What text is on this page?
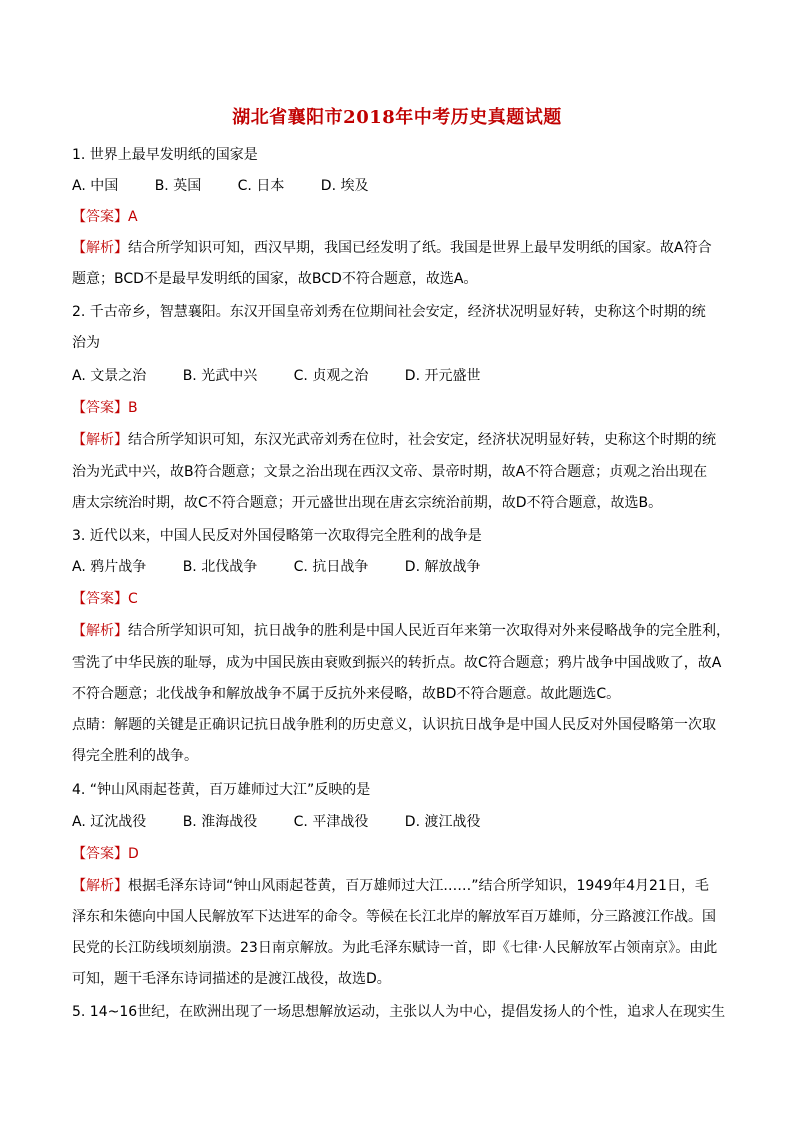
湖北省襄阳市2018年中考历史真题试题
1. 世界上最早发明纸的国家是
A. 中国	B. 英国	C. 日本	D. 埃及
【答案】A
【解析】结合所学知识可知，西汉早期，我国已经发明了纸。我国是世界上最早发明纸的国家。故A符合
题意；BCD不是最早发明纸的国家，故BCD不符合题意，故选A。
2. 千古帝乡，智慧襄阳。东汉开国皇帝刘秀在位期间社会安定，经济状况明显好转，史称这个时期的统
治为
A. 文景之治	B. 光武中兴	C. 贞观之治	D. 开元盛世
【答案】B
【解析】结合所学知识可知，东汉光武帝刘秀在位时，社会安定，经济状况明显好转，史称这个时期的统
治为光武中兴，故B符合题意；文景之治出现在西汉文帝、景帝时期，故A不符合题意；贞观之治出现在
唐太宗统治时期，故C不符合题意；开元盛世出现在唐玄宗统治前期，故D不符合题意，故选B。
3. 近代以来，中国人民反对外国侵略第一次取得完全胜利的战争是
A. 鸦片战争	B. 北伐战争	C. 抗日战争	D. 解放战争
【答案】C
【解析】结合所学知识可知，抗日战争的胜利是中国人民近百年来第一次取得对外来侵略战争的完全胜利，
雪洗了中华民族的耻辱，成为中国民族由衰败到振兴的转折点。故C符合题意；鸦片战争中国战败了，故A
不符合题意；北伐战争和解放战争不属于反抗外来侵略，故BD不符合题意。故此题选C。
点睛：解题的关键是正确识记抗日战争胜利的历史意义，认识抗日战争是中国人民反对外国侵略第一次取
得完全胜利的战争。
4. “钟山风雨起苍黄，百万雄师过大江”反映的是
A. 辽沈战役	B. 淮海战役	C. 平津战役	D. 渡江战役
【答案】D
【解析】根据毛泽东诗词“钟山风雨起苍黄，百万雄师过大江……”结合所学知识，1949年4月21日，毛
泽东和朱德向中国人民解放军下达进军的命令。等候在长江北岸的解放军百万雄师，分三路渡江作战。国
民党的长江防线顷刻崩溃。23日南京解放。为此毛泽东赋诗一首，即《七律·人民解放军占领南京》。由此
可知，题干毛泽东诗词描述的是渡江战役，故选D。
5. 14~16世纪，在欧洲出现了一场思想解放运动，主张以人为中心，提倡发扬人的个性，追求人在现实生
